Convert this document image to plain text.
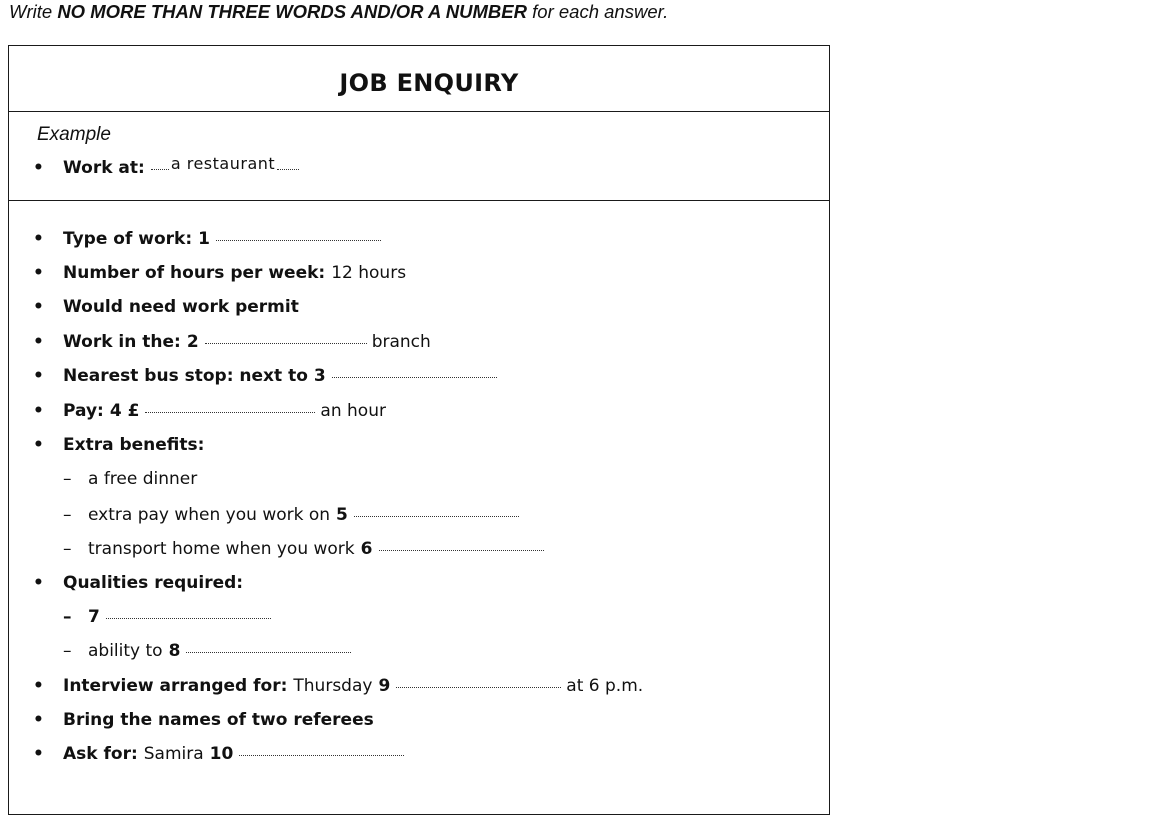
Write NO MORE THAN THREE WORDS AND/OR A NUMBER for each answer.
JOB ENQUIRY
Example
• Work at: a restaurant
• Type of work: 1
• Number of hours per week: 12 hours
• Would need work permit
• Work in the: 2	branch
• Nearest bus stop: next to 3
• Pay: 4 £	an hour
• Extra benefits:
– a free dinner
– extra pay when you work on 5
– transport home when you work 6
• Qualities required:
– 7
– ability to 8
• Interview arranged for: Thursday 9	at 6 p.m.
• Bring the names of two referees
• Ask for: Samira 10
